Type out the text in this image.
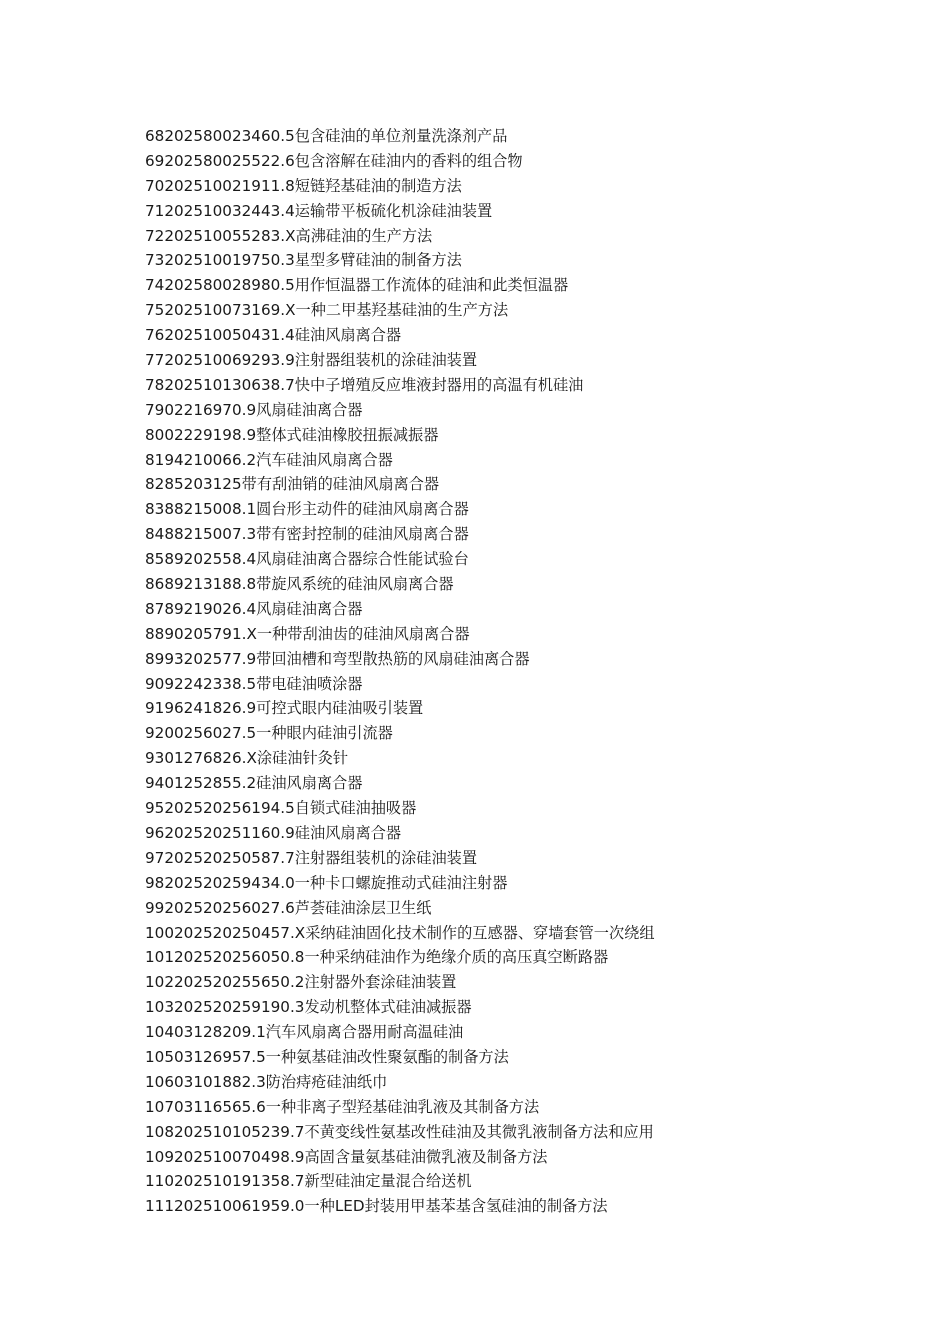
68202580023460.5包含硅油的单位剂量洗涤剂产品
69202580025522.6包含溶解在硅油内的香料的组合物
70202510021911.8短链羟基硅油的制造方法
71202510032443.4运输带平板硫化机涂硅油装置
72202510055283.X高沸硅油的生产方法
73202510019750.3星型多臂硅油的制备方法
74202580028980.5用作恒温器工作流体的硅油和此类恒温器
75202510073169.X一种二甲基羟基硅油的生产方法
76202510050431.4硅油风扇离合器
77202510069293.9注射器组装机的涂硅油装置
78202510130638.7快中子增殖反应堆液封器用的高温有机硅油
7902216970.9风扇硅油离合器
8002229198.9整体式硅油橡胶扭振减振器
8194210066.2汽车硅油风扇离合器
8285203125带有刮油销的硅油风扇离合器
8388215008.1圆台形主动件的硅油风扇离合器
8488215007.3带有密封控制的硅油风扇离合器
8589202558.4风扇硅油离合器综合性能试验台
8689213188.8带旋风系统的硅油风扇离合器
8789219026.4风扇硅油离合器
8890205791.X一种带刮油齿的硅油风扇离合器
8993202577.9带回油槽和弯型散热筋的风扇硅油离合器
9092242338.5带电硅油喷涂器
9196241826.9可控式眼内硅油吸引装置
9200256027.5一种眼内硅油引流器
9301276826.X涂硅油针灸针
9401252855.2硅油风扇离合器
95202520256194.5自锁式硅油抽吸器
96202520251160.9硅油风扇离合器
97202520250587.7注射器组装机的涂硅油装置
98202520259434.0一种卡口螺旋推动式硅油注射器
99202520256027.6芦荟硅油涂层卫生纸
100202520250457.X采纳硅油固化技术制作的互感器、穿墙套管一次绕组
101202520256050.8一种采纳硅油作为绝缘介质的高压真空断路器
102202520255650.2注射器外套涂硅油装置
103202520259190.3发动机整体式硅油减振器
10403128209.1汽车风扇离合器用耐高温硅油
10503126957.5一种氨基硅油改性聚氨酯的制备方法
10603101882.3防治痔疮硅油纸巾
10703116565.6一种非离子型羟基硅油乳液及其制备方法
108202510105239.7不黄变线性氨基改性硅油及其微乳液制备方法和应用
109202510070498.9高固含量氨基硅油微乳液及制备方法
110202510191358.7新型硅油定量混合给送机
111202510061959.0一种LED封装用甲基苯基含氢硅油的制备方法
